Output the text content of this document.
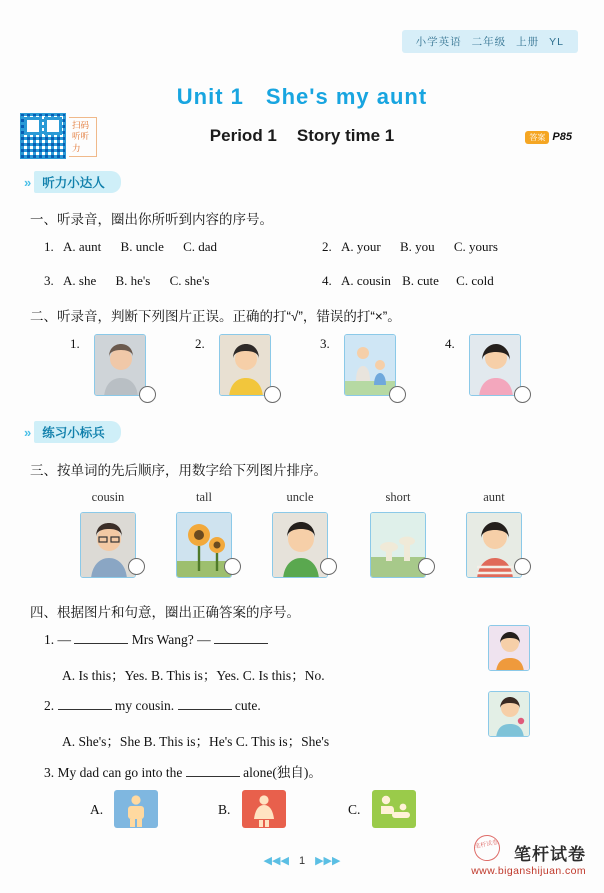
小学英语 二年级 上册 YL
Unit 1 She's my aunt
Period 1 Story time 1
扫码
听听力
答案 P85
»	听力小达人
一、听录音，圈出你所听到内容的序号。
1. A. aunt B. uncle C. dad	2. A. your B. you C. yours
3. A. she B. he's C. she's	4. A. cousin B. cute C. cold
二、听录音，判断下列图片正误。正确的打“√”，错误的打“×”。
1.	2.	3.	4.
»	练习小标兵
三、按单词的先后顺序，用数字给下列图片排序。
cousin	tall	uncle	short	aunt
四、根据图片和句意，圈出正确答案的序号。
1. —	Mrs Wang? —
A. Is this；Yes. B. This is；Yes. C. Is this；No.
2.	my cousin.	cute.
A. She's；She B. This is；He's C. This is；She's
3. My dad can go into the	alone(独自)。
A.	B.	C.
◀◀◀ 1 ▶▶▶	笔杆试卷
www.biganshijuan.com
笔杆试卷
